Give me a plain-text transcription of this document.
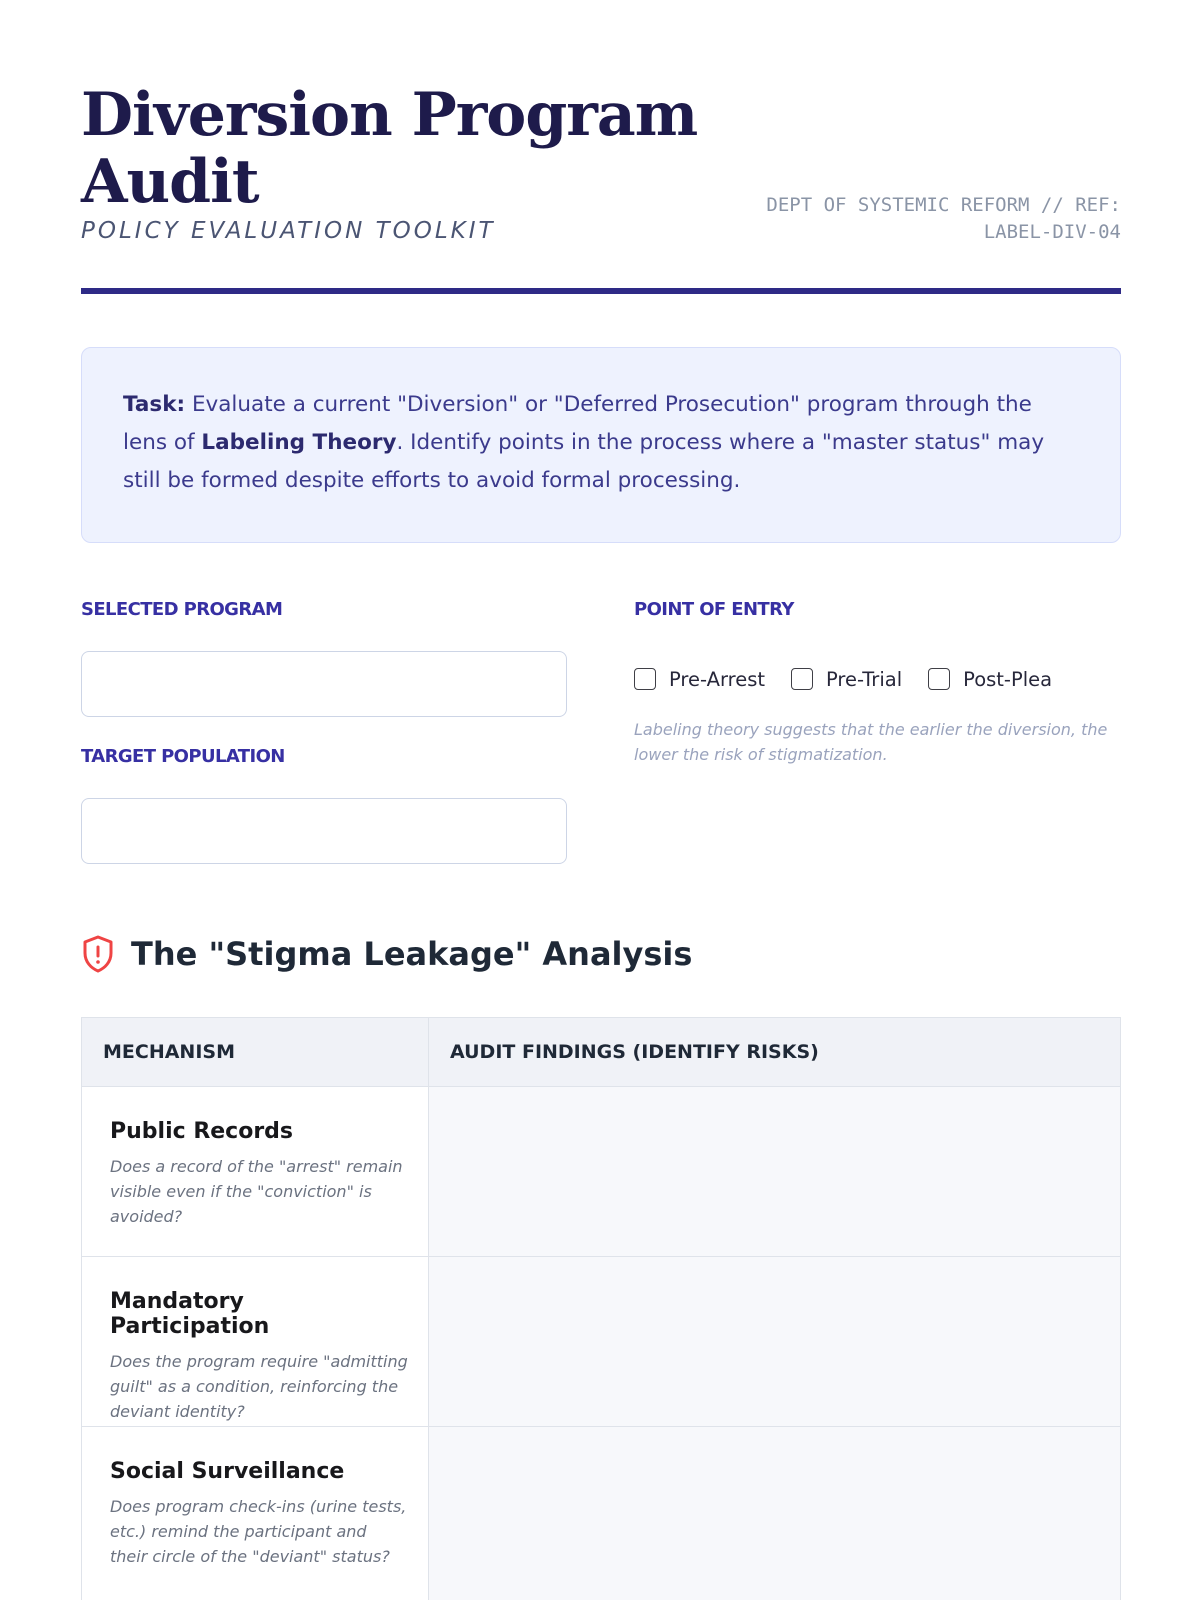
Diversion Program Audit
POLICY EVALUATION TOOLKIT
DEPT OF SYSTEMIC REFORM // REF:
LABEL-DIV-04

Task: Evaluate a current "Diversion" or "Deferred Prosecution" program through the lens of Labeling Theory. Identify points in the process where a "master status" may still be formed despite efforts to avoid formal processing.

SELECTED PROGRAM
TARGET POPULATION
POINT OF ENTRY
Pre-Arrest	Pre-Trial	Post-Plea
Labeling theory suggests that the earlier the diversion, the lower the risk of stigmatization.
The "Stigma Leakage" Analysis
MECHANISM	AUDIT FINDINGS (IDENTIFY RISKS)
Public Records
Does a record of the "arrest" remain visible even if the "conviction" is avoided?
Mandatory Participation
Does the program require "admitting guilt" as a condition, reinforcing the deviant identity?
Social Surveillance
Does program check-ins (urine tests, etc.) remind the participant and their circle of the "deviant" status?
